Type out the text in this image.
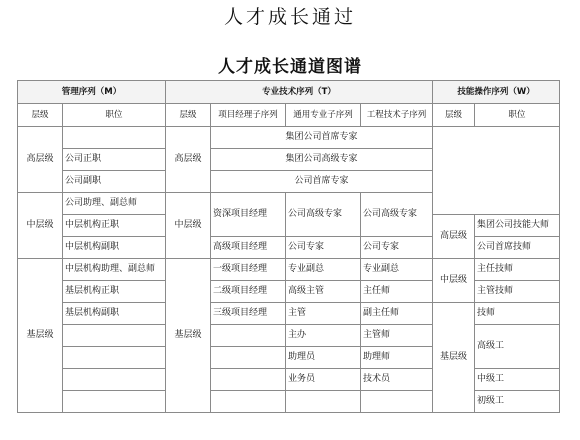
人才成长通过
人才成长通道图谱
管理序列（M）		专业技术序列（T）				技能操作序列（W）	
层级	职位	层级	项目经理子序列	通用专业子序列	工程技术子序列	层级	职位
高层级		高层级	集团公司首席专家				
	公司正职		集团公司高级专家				
	公司副职		公司首席专家				
中层级	公司助理、副总师	中层级	资深项目经理	公司高级专家	公司高级专家		
	中层机构正职					高层级	集团公司技能大师
	中层机构副职		高级项目经理	公司专家	公司专家		公司首席技师
基层级	中层机构助理、副总师	基层级	一级项目经理	专业副总	专业副总	中层级	主任技师
	基层机构正职		二级项目经理	高级主管	主任师		主管技师
	基层机构副职		三级项目经理	主管	副主任师	基层级	技师
				主办	主管师		高级工
				助理员	助理师		
				业务员	技术员		中级工
							初级工
